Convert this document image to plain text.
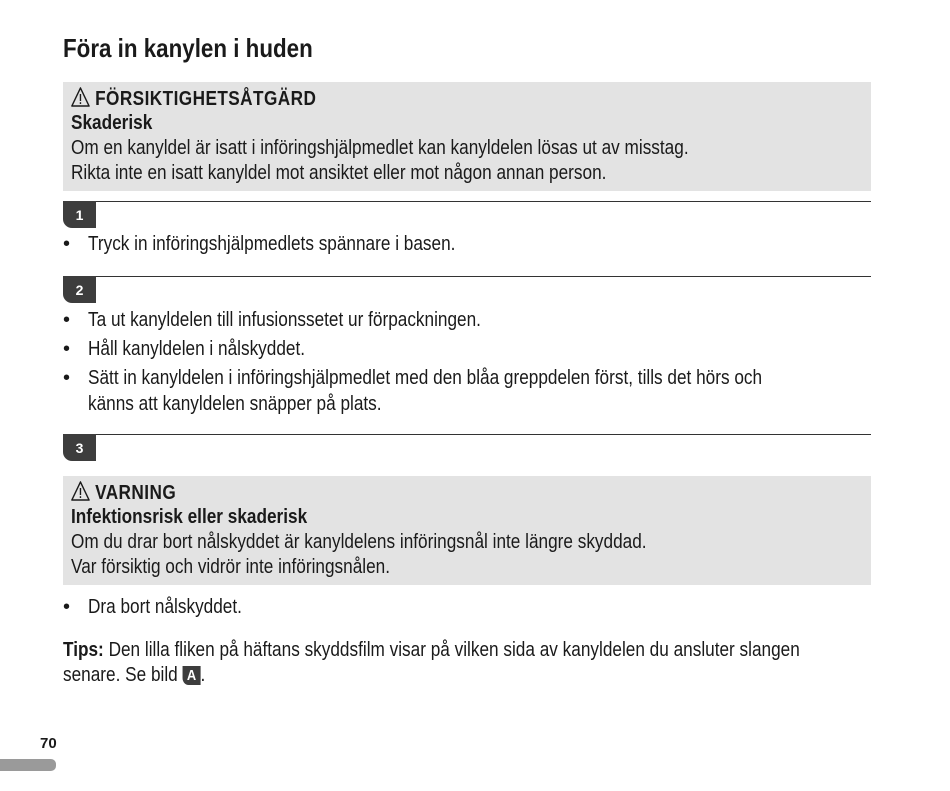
Föra in kanylen i huden
FÖRSIKTIGHETSÅTGÄRD
Skaderisk
Om en kanyldel är isatt i införingshjälpmedlet kan kanyldelen lösas ut av misstag.
Rikta inte en isatt kanyldel mot ansiktet eller mot någon annan person.
1
• Tryck in införingshjälpmedlets spännare i basen.
2
• Ta ut kanyldelen till infusionssetet ur förpackningen.
• Håll kanyldelen i nålskyddet.
• Sätt in kanyldelen i införingshjälpmedlet med den blåa greppdelen först, tills det hörs och
känns att kanyldelen snäpper på plats.
3
VARNING
Infektionsrisk eller skaderisk
Om du drar bort nålskyddet är kanyldelens införingsnål inte längre skyddad.
Var försiktig och vidrör inte införingsnålen.
• Dra bort nålskyddet.
Tips: Den lilla fliken på häftans skyddsfilm visar på vilken sida av kanyldelen du ansluter slangen
senare. Se bild A .
70
